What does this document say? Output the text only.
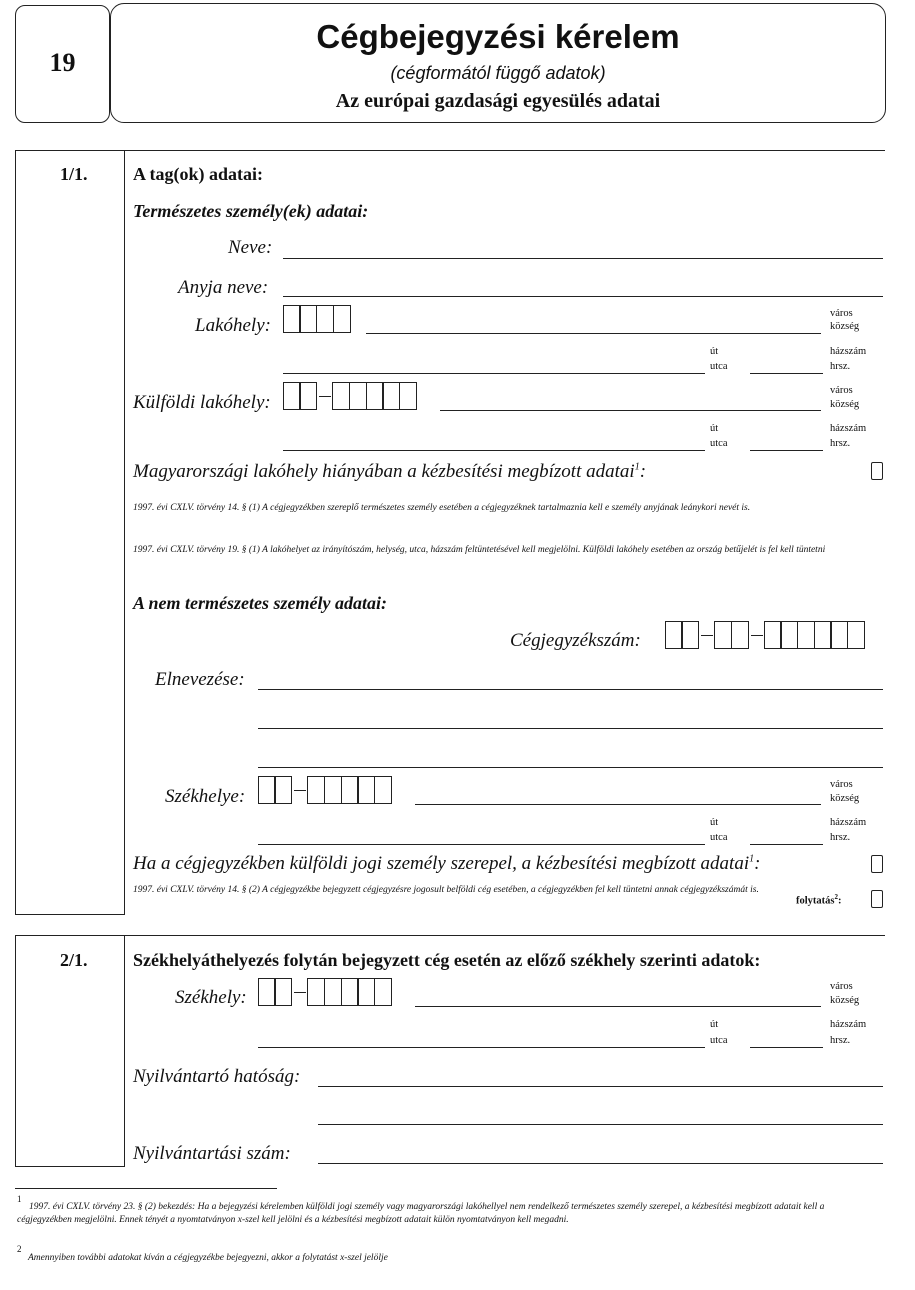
19
Cégbejegyzési kérelem
(cégformától függő adatok)
Az európai gazdasági egyesülés adatai
1/1.	A tag(ok) adatai:
Természetes személy(ek) adatai:
Neve:
Anyja neve:
Lakóhely:
város
község
út	házszám
utca	hrsz.
Külföldi lakóhely:
város
község
út	házszám
utca	hrsz.
Magyarországi lakóhely hiányában a kézbesítési megbízott adatai$^1$:
1997. évi CXLV. törvény 14. § (1) A cégjegyzékben szereplő természetes személy esetében a cégjegyzéknek tartalmaznia kell e személy anyjának leánykori nevét is.
1997. évi CXLV. törvény 19. § (1) A lakóhelyet az irányítószám, helység, utca, házszám feltüntetésével kell megjelölni. Külföldi lakóhely esetében az ország betűjelét is fel kell tüntetni
A nem természetes személy adatai:
Cégjegyzékszám:
Elnevezése:
Székhelye:
város
község
út	házszám
utca	hrsz.
Ha a cégjegyzékben külföldi jogi személy szerepel, a kézbesítési megbízott adatai$^1$:
1997. évi CXLV. törvény 14. § (2) A cégjegyzékbe bejegyzett cégjegyzésre jogosult belföldi cég esetében, a cégjegyzékben fel kell tüntetni annak cégjegyzékszámát is.
folytatás$^2$:
2/1.	Székhelyáthelyezés folytán bejegyzett cég esetén az előző székhely szerinti adatok:
Székhely:
város
község
út	házszám
utca	hrsz.
Nyilvántartó hatóság:
Nyilvántartási szám:
1
1997. évi CXLV. törvény 23. § (2) bekezdés: Ha a bejegyzési kérelemben külföldi jogi személy vagy magyarországi lakóhellyel nem rendelkező természetes személy szerepel, a kézbesítési megbízott adatait kell a cégjegyzékben megjelölni. Ennek tényét a nyomtatványon x-szel kell jelölni és a kézbesítési megbízott adatait külön nyomtatványon kell megadni.
2
Amennyiben további adatokat kíván a cégjegyzékbe bejegyezni, akkor a folytatást x-szel jelölje
